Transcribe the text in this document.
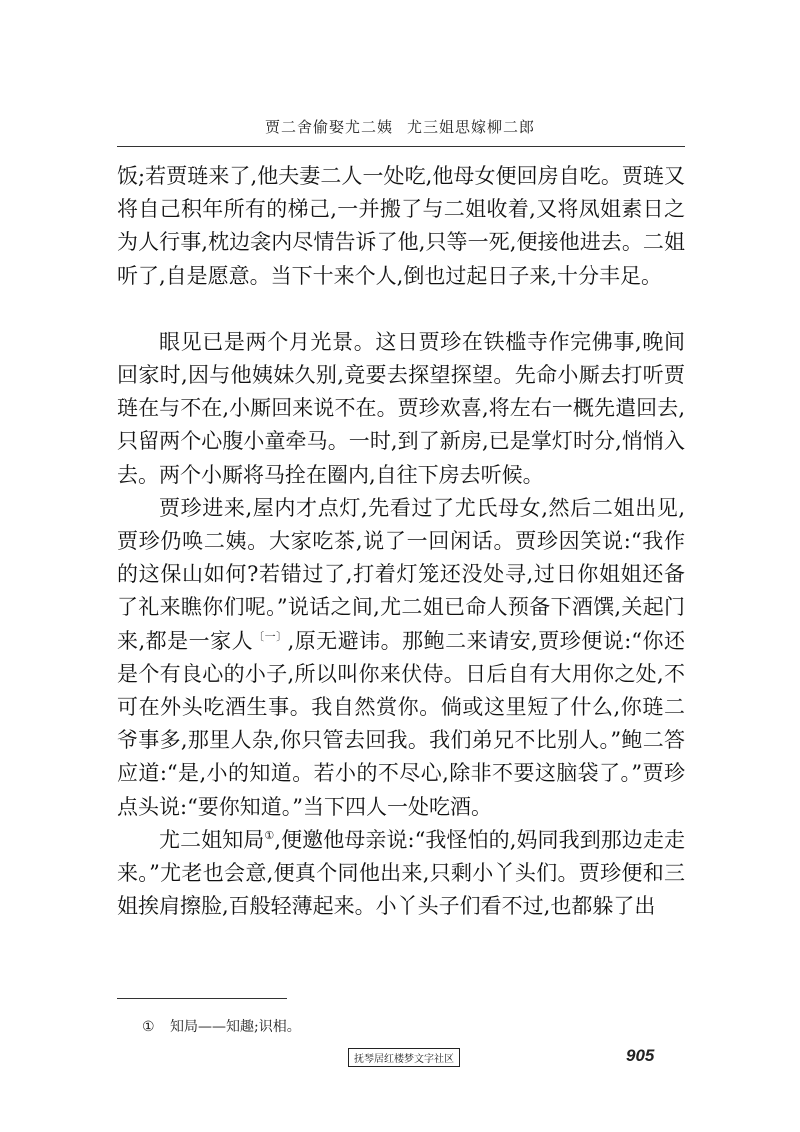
贾二舍偷娶尤二姨 尤三姐思嫁柳二郎

饭;若贾琏来了,他夫妻二人一处吃,他母女便回房自吃。贾琏又将自己积年所有的梯己,一并搬了与二姐收着,又将凤姐素日之为人行事,枕边衾内尽情告诉了他,只等一死,便接他进去。二姐听了,自是愿意。当下十来个人,倒也过起日子来,十分丰足。

眼见已是两个月光景。这日贾珍在铁槛寺作完佛事,晚间回家时,因与他姨妹久别,竟要去探望探望。先命小厮去打听贾琏在与不在,小厮回来说不在。贾珍欢喜,将左右一概先遣回去,只留两个心腹小童牵马。一时,到了新房,已是掌灯时分,悄悄入去。两个小厮将马拴在圈内,自往下房去听候。

贾珍进来,屋内才点灯,先看过了尤氏母女,然后二姐出见,贾珍仍唤二姨。大家吃茶,说了一回闲话。贾珍因笑说:“我作的这保山如何?若错过了,打着灯笼还没处寻,过日你姐姐还备了礼来瞧你们呢。”说话之间,尤二姐已命人预备下酒馔,关起门来,都是一家人$^{〔一〕}$,原无避讳。那鲍二来请安,贾珍便说:“你还是个有良心的小子,所以叫你来伏侍。日后自有大用你之处,不可在外头吃酒生事。我自然赏你。倘或这里短了什么,你琏二爷事多,那里人杂,你只管去回我。我们弟兄不比别人。”鲍二答应道:“是,小的知道。若小的不尽心,除非不要这脑袋了。”贾珍点头说:“要你知道。”当下四人一处吃酒。

尤二姐知局①,便邀他母亲说:“我怪怕的,妈同我到那边走走来。”尤老也会意,便真个同他出来,只剩小丫头们。贾珍便和三姐挨肩擦脸,百般轻薄起来。小丫头子们看不过,也都躲了出

① 知局——知趣;识相。
抚琴居红楼梦文字社区	905
